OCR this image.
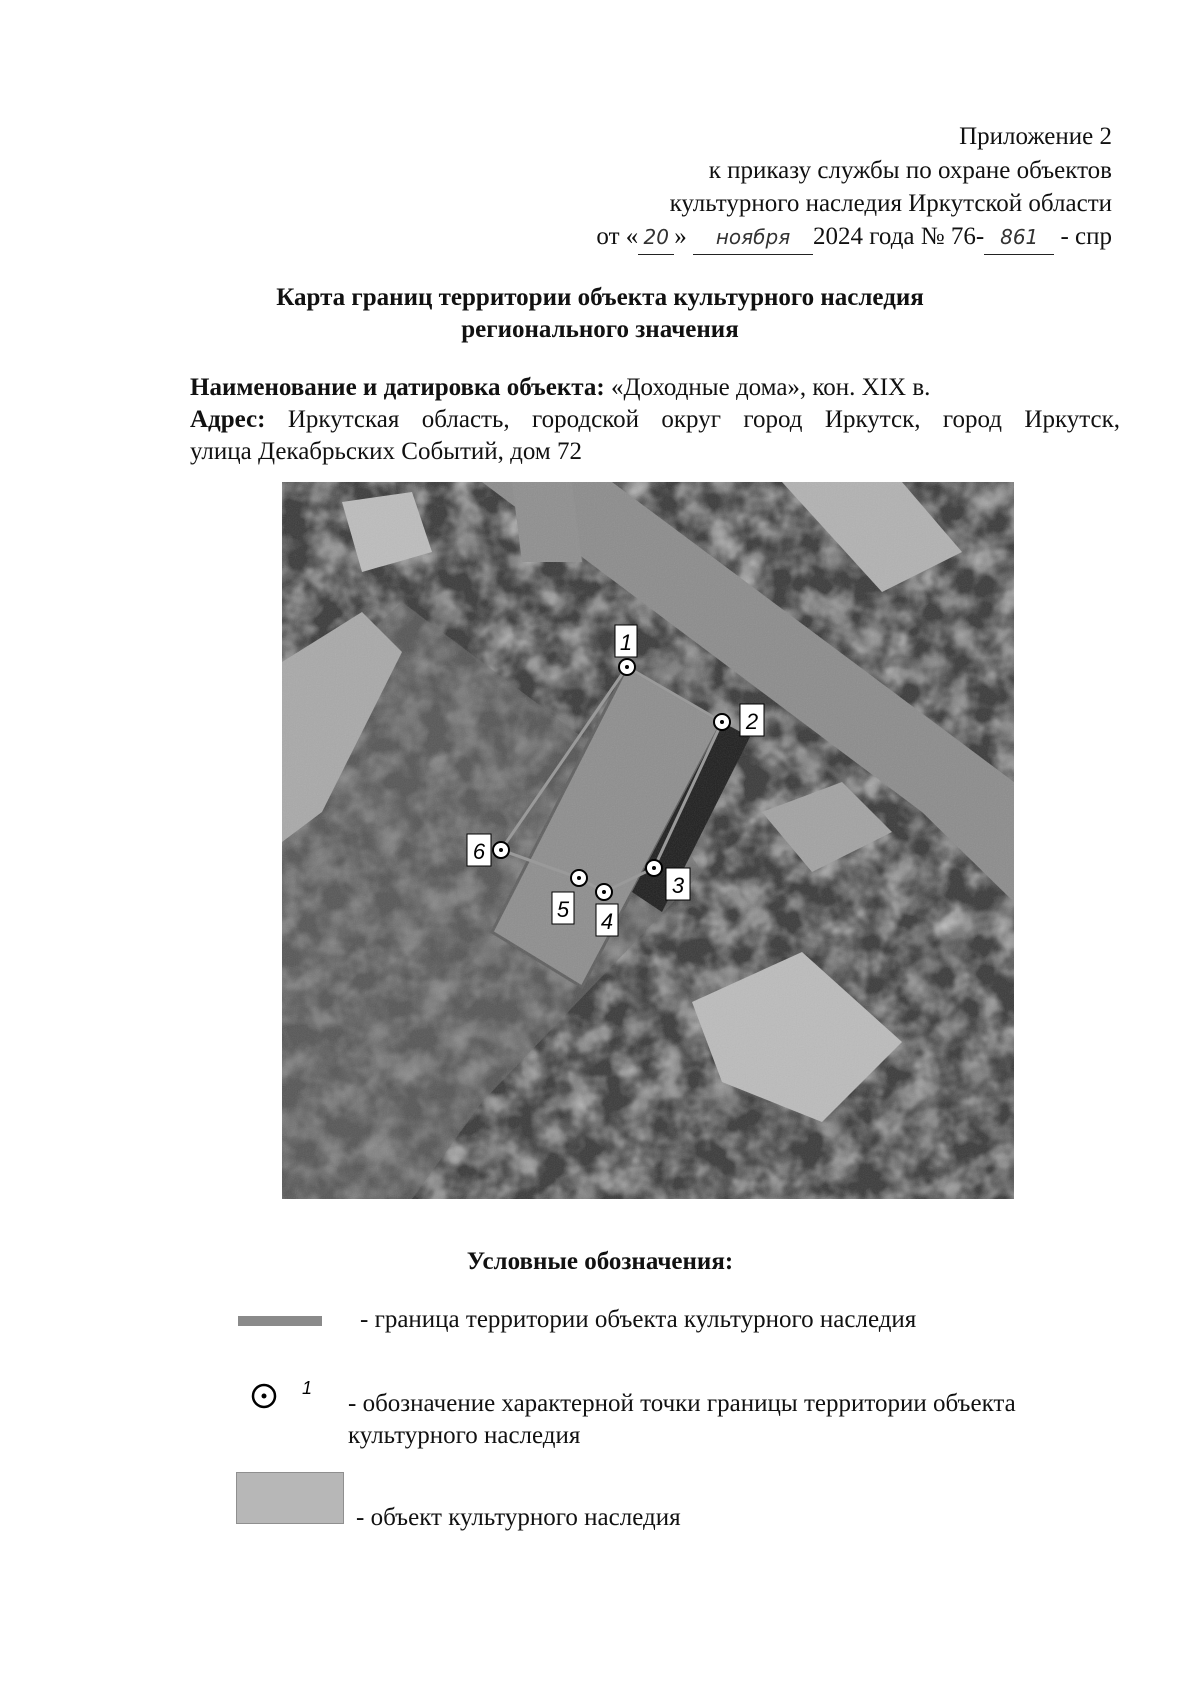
Приложение 2
к приказу службы по охране объектов
культурного наследия Иркутской области
от « 20 » ноября 2024 года № 76- 861 - спр
Карта границ территории объекта культурного наследия
регионального значения
Наименование и датировка объекта: «Доходные дома», кон. XIX в.
Адрес: Иркутская область, городской округ город Иркутск, город Иркутск,
улица Декабрьских Событий, дом 72
1
2
3
4
5
6
Условные обозначения:
- граница территории объекта культурного наследия
1
- обозначение характерной точки границы территории объекта
культурного наследия
- объект культурного наследия
